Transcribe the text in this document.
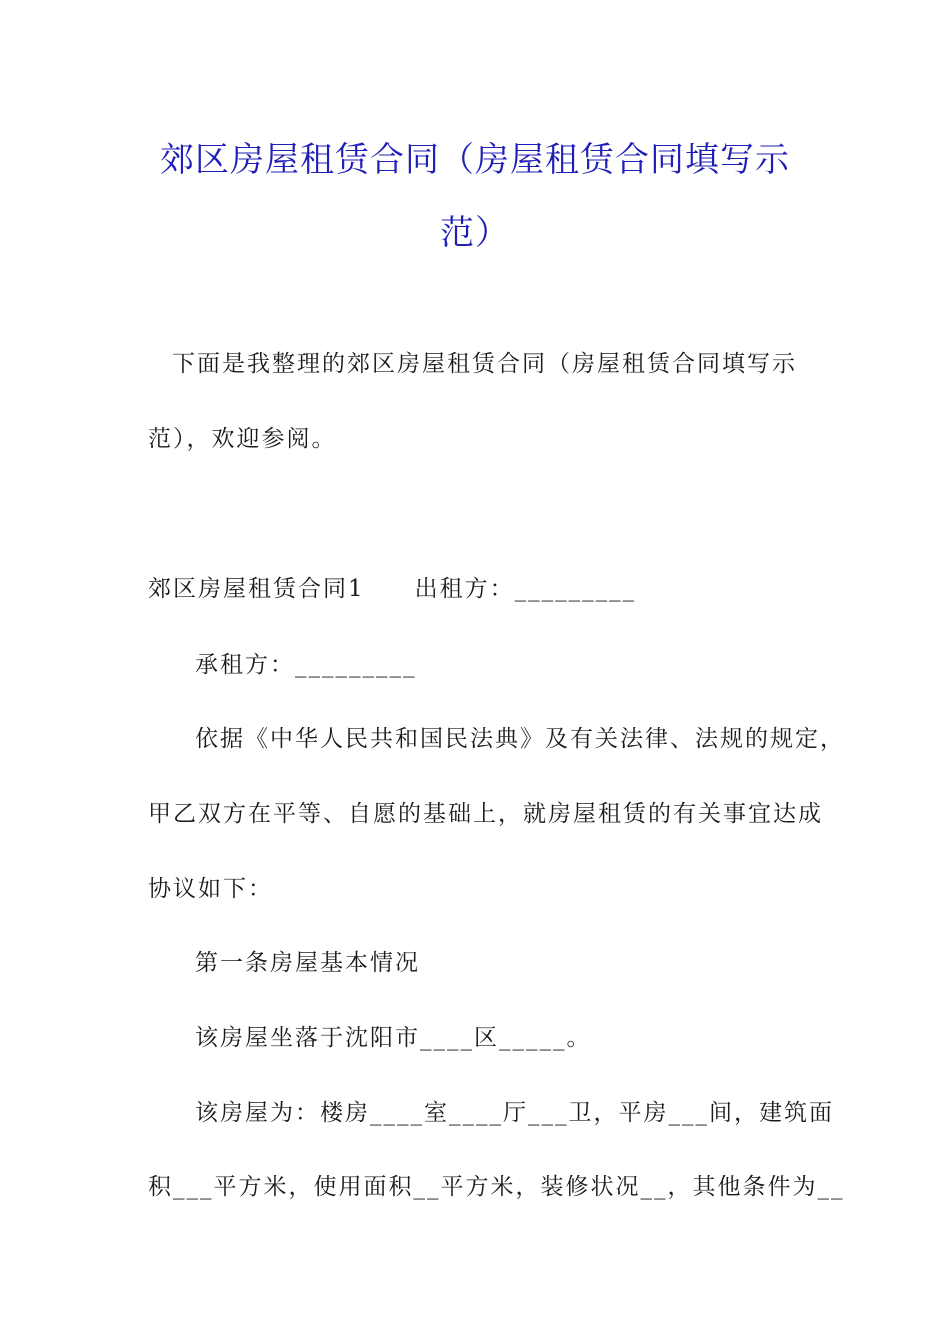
郊区房屋租赁合同（房屋租赁合同填写示
范）

下面是我整理的郊区房屋租赁合同（房屋租赁合同填写示

范），欢迎参阅。

郊区房屋租赁合同1　　出租方：_________

承租方：_________

依据《中华人民共和国民法典》及有关法律、法规的规定，

甲乙双方在平等、自愿的基础上，就房屋租赁的有关事宜达成

协议如下：

第一条房屋基本情况

该房屋坐落于沈阳市____区_____。

该房屋为：楼房____室____厅___卫，平房___间，建筑面

积___平方米，使用面积__平方米，装修状况__，其他条件为__
